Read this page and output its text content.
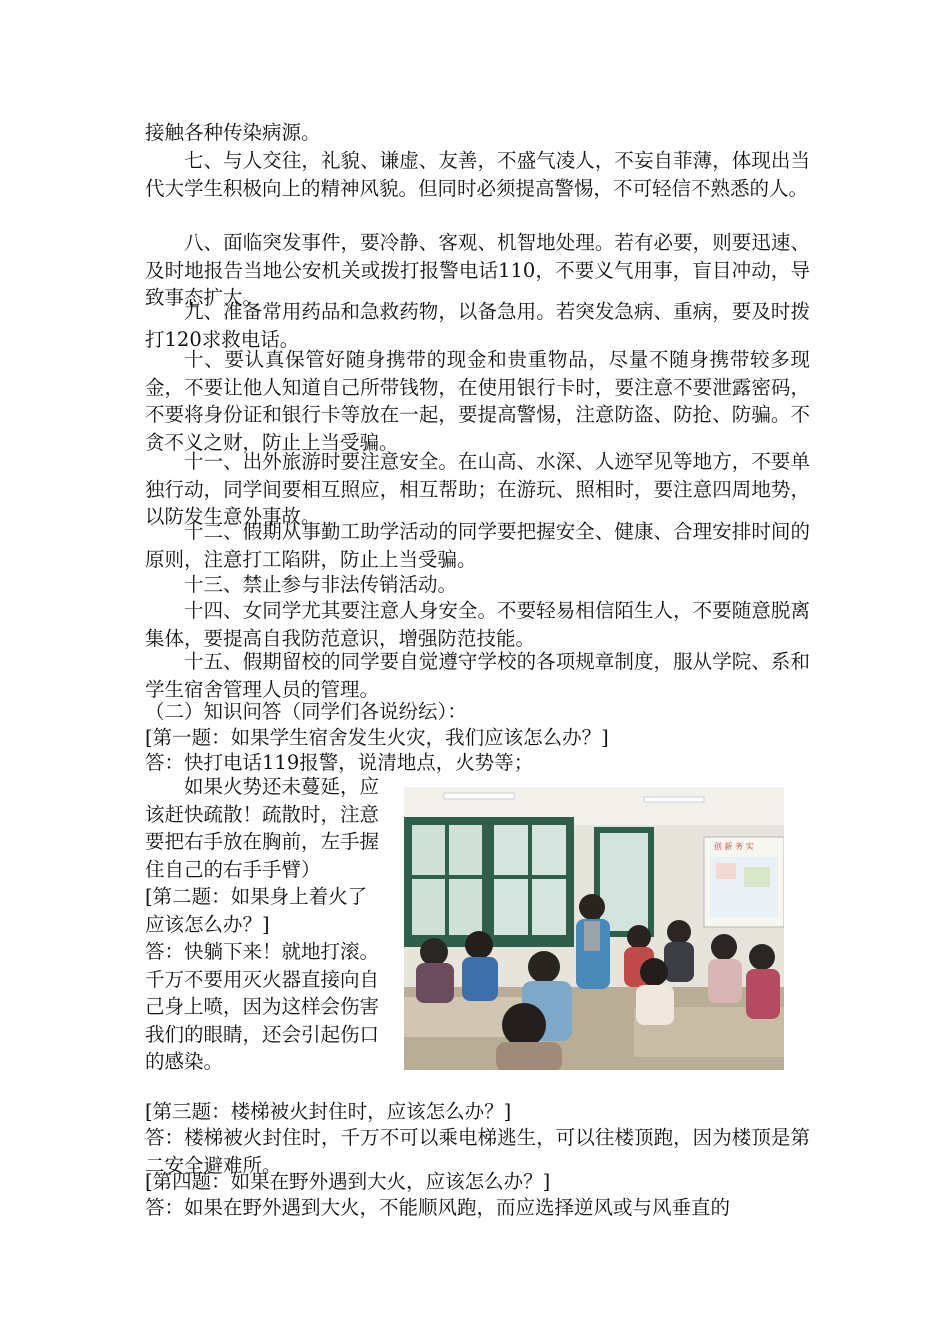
接触各种传染病源。
七、与人交往，礼貌、谦虚、友善，不盛气凌人，不妄自菲薄，体现出当代大学生积极向上的精神风貌。但同时必须提高警惕，不可轻信不熟悉的人。
八、面临突发事件，要冷静、客观、机智地处理。若有必要，则要迅速、及时地报告当地公安机关或拨打报警电话110，不要义气用事，盲目冲动，导致事态扩大。
九、准备常用药品和急救药物，以备急用。若突发急病、重病，要及时拨打120求救电话。
十、要认真保管好随身携带的现金和贵重物品，尽量不随身携带较多现金，不要让他人知道自己所带钱物，在使用银行卡时，要注意不要泄露密码，不要将身份证和银行卡等放在一起，要提高警惕，注意防盗、防抢、防骗。不贪不义之财，防止上当受骗。
十一、出外旅游时要注意安全。在山高、水深、人迹罕见等地方，不要单独行动，同学间要相互照应，相互帮助；在游玩、照相时，要注意四周地势，以防发生意外事故。
十二、假期从事勤工助学活动的同学要把握安全、健康、合理安排时间的原则，注意打工陷阱，防止上当受骗。
十三、禁止参与非法传销活动。
十四、女同学尤其要注意人身安全。不要轻易相信陌生人，不要随意脱离集体，要提高自我防范意识，增强防范技能。
十五、假期留校的同学要自觉遵守学校的各项规章制度，服从学院、系和学生宿舍管理人员的管理。
（二）知识问答（同学们各说纷纭）：
[第一题：如果学生宿舍发生火灾，我们应该怎么办？]
答：快打电话119报警，说清地点，火势等；
如果火势还未蔓延，应该赶快疏散！疏散时，注意要把右手放在胸前，左手握住自己的右手手臂）
[第二题：如果身上着火了应该怎么办？]
答：快躺下来！就地打滚。千万不要用灭火器直接向自己身上喷，因为这样会伤害我们的眼睛，还会引起伤口的感染。
创 新 务 实
[第三题：楼梯被火封住时，应该怎么办？]
答：楼梯被火封住时，千万不可以乘电梯逃生，可以往楼顶跑，因为楼顶是第二安全避难所。
[第四题：如果在野外遇到大火，应该怎么办？]
答：如果在野外遇到大火，不能顺风跑，而应选择逆风或与风垂直的
